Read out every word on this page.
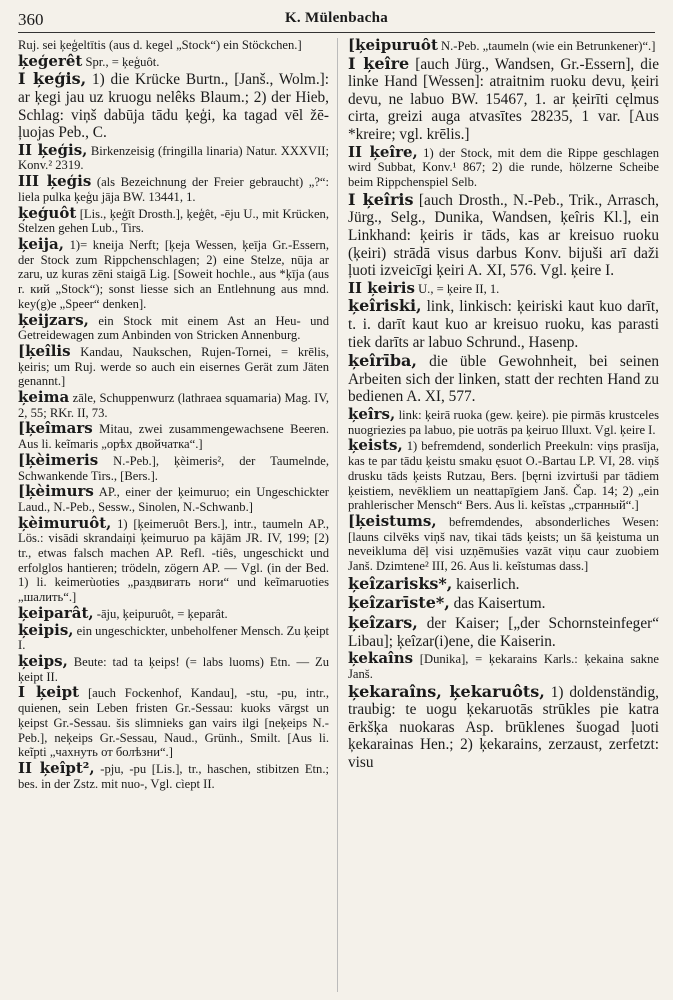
360	K. Mülenbacha

Ruj. sei ķeģeltītis (aus d. kegel „Stock“) ein Stöckchen.]

ķeģerêt Spr., = ķeģuôt.

I ķeģis, 1) die Krücke Burtn., [Janš., Wolm.]: ar ķegi jau uz kruogu nelêks Blaum.; 2) der Hieb, Schlag: viņš dabūja tādu ķeģi, ka tagad vēl žē-ļuojas Peb., C.

II ķeģis, Birkenzeisig (fringilla linaria) Natur. XXXVII; Konv.² 2319.

III ķeģis (als Bezeichnung der Freier gebraucht) „?“: liela pulka ķeģu jāja BW. 13441, 1.

ķeģuôt [Lis., ķeģīt Drosth.], ķeģêt, -ēju U., mit Krücken, Stelzen gehen Lub., Tirs.

ķeija, 1)= kneija Nerft; [ķeja Wessen, ķeīja Gr.-Essern, der Stock zum Rippchenschlagen; 2) eine Stelze, nūja ar zaru, uz kuras zēni staigā Lig. [Soweit hochle., aus *ķīja (aus r. кий „Stock“); sonst liesse sich an Entlehnung aus mnd. key(g)e „Speer“ denken].

ķeijzars, ein Stock mit einem Ast an Heu- und Getreidewagen zum Anbinden von Stricken Annenburg.

[ķeîlis Kandau, Naukschen, Rujen-Tornei, = krēlis, ķeiris; um Ruj. werde so auch ein eisernes Gerät zum Jäten genannt.]

ķeima zāle, Schuppenwurz (lathraea squamaria) Mag. IV, 2, 55; RKr. II, 73.

[ķeîmars Mitau, zwei zusammengewachsene Beeren. Aus li. keĩmaris „орѣх двойчатка“.]

[ķèimeris N.-Peb.], ķèimeris², der Taumelnde, Schwankende Tirs., [Bers.].

[ķèimurs AP., einer der ķeimuruo; ein Ungeschickter Laud., N.-Peb., Sessw., Sinolen, N.-Schwanb.]

ķèimuruôt, 1) [ķeimeruôt Bers.], intr., taumeln AP., Lös.: visādi skrandaiņi ķeimuruo pa kājām JR. IV, 199; [2) tr., etwas falsch machen AP. Refl. -tiês, ungeschickt und erfolglos hantieren; trödeln, zögern AP. — Vgl. (in der Bed. 1) li. keimerùoties „раздвигать ноги“ und keĩmaruoties „шалить“.]

ķeiparât, -āju, ķeipuruôt, = ķeparât.

ķeipis, ein ungeschickter, unbeholfener Mensch. Zu ķeipt I.

ķeips, Beute: tad ta ķeips! (= labs luoms) Etn. — Zu ķeipt II.

I ķeipt [auch Fockenhof, Kandau], -stu, -pu, intr., quienen, sein Leben fristen Gr.-Sessau: kuoks vārgst un ķeipst Gr.-Sessau. šis slimnieks gan vairs ilgi [neķeips N.-Peb.], neķeips Gr.-Sessau, Naud., Grünh., Smilt. [Aus li. keĩpti „чахнуть от болѣзни“.]

II ķeîpt², -pju, -pu [Lis.], tr., haschen, stibitzen Etn.; bes. in der Zstz. mit nuo-, Vgl. cìept II.

[ķeipuruôt N.-Peb. „taumeln (wie ein Betrunkener)“.]

I ķeîre [auch Jürg., Wandsen, Gr.-Essern], die linke Hand [Wessen]: atraitnim ruoku devu, ķeiri devu, ne labuo BW. 15467, 1. ar ķeirīti cęlmus cirta, greizi auga atvasītes 28235, 1 var. [Aus *kreire; vgl. krēlis.]

II ķeîre, 1) der Stock, mit dem die Rippe geschlagen wird Subbat, Konv.¹ 867; 2) die runde, hölzerne Scheibe beim Rippchenspiel Selb.

I ķeîris [auch Drosth., N.-Peb., Trik., Arrasch, Jürg., Selg., Dunika, Wandsen, ķeîris Kl.], ein Linkhand: ķeiris ir tāds, kas ar kreisuo ruoku (ķeiri) strādā visus darbus Konv. bijuši arī daži ļuoti izveicīgi ķeiri A. XI, 576. Vgl. ķeire I.

II ķeiris U., = ķeire II, 1.

ķeîriski, link, linkisch: ķeiriski kaut kuo darīt, t. i. darīt kaut kuo ar kreisuo ruoku, kas parasti tiek darīts ar labuo Schrund., Hasenp.

ķeîrība, die üble Gewohnheit, bei seinen Arbeiten sich der linken, statt der rechten Hand zu bedienen A. XI, 577.

ķeîrs, link: ķeirā ruoka (gew. ķeire). pie pirmās krustceles nuogriezies pa labuo, pie uotrās pa ķeiruo Illuxt. Vgl. ķeire I.

ķeists, 1) befremdend, sonderlich Preekuln: viņs prasīja, kas te par tādu ķeistu smaku ęsuot O.-Bartau LP. VI, 28. viņš drusku tāds ķeists Rutzau, Bers. [bęrni izvirtuši par tādiem ķeistiem, nevēkliem un neattapīgiem Janš. Čap. 14; 2) „ein prahlerischer Mensch“ Bers. Aus li. keĩstas „странный“.]

[ķeistums, befremdendes, absonderliches Wesen: [launs cilvēks viņš nav, tikai tāds ķeists; un šā ķeistuma un neveiklumа dēļ visi uzņēmušies vazāt viņu caur zuobiem Janš. Dzimtene² III, 26. Aus li. keĩstumas dass.]

ķeîzarisks*, kaiserlich.

ķeîzarīste*, das Kaisertum.

ķeîzars, der Kaiser; [„der Schornsteinfeger“ Libau]; ķeîzar(i)ene, die Kaiserin.

ķekaîns [Dunika], = ķekarains Karls.: ķekaina sakne Janš.

ķekaraîns, ķekaruôts, 1) doldenständig, traubig: te uogu ķekaruotās strūklеs pie katra ērkšķa nuokaras Asp. brūklenes šuogad ļuoti ķekarainas Hen.; 2) ķekarains, zerzaust, zerfetzt: visu
